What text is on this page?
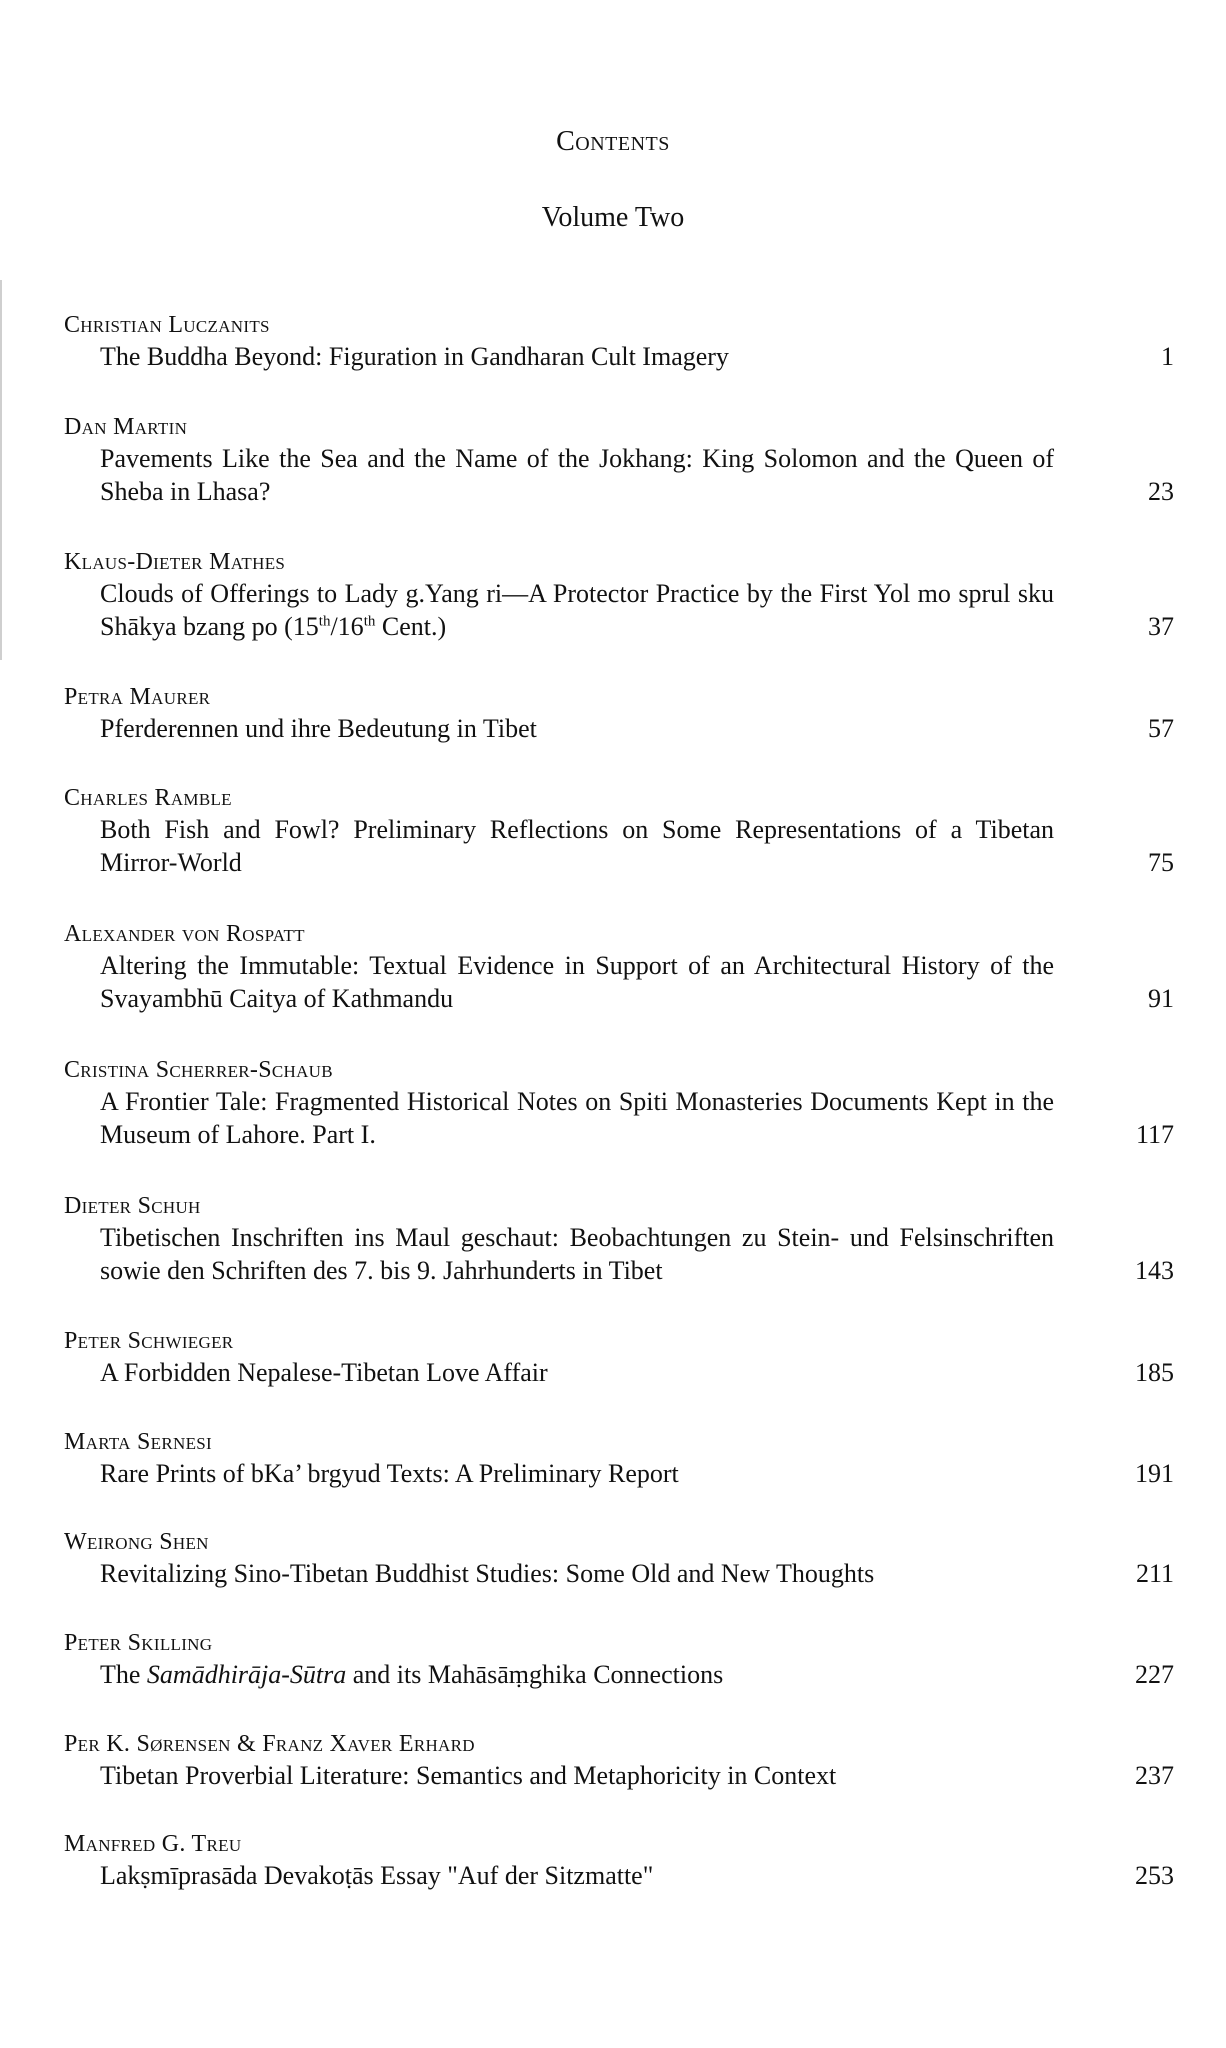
Contents
Volume Two
Christian Luczanits
The Buddha Beyond: Figuration in Gandharan Cult Imagery	1
Dan Martin
Pavements Like the Sea and the Name of the Jokhang: King Solomon and the Queen of Sheba in Lhasa?	23
Klaus-Dieter Mathes
Clouds of Offerings to Lady g.Yang ri—A Protector Practice by the First Yol mo sprul sku Shākya bzang po (15th/16th Cent.)	37
Petra Maurer
Pferderennen und ihre Bedeutung in Tibet	57
Charles Ramble
Both Fish and Fowl? Preliminary Reflections on Some Representations of a Tibetan Mirror-World	75
Alexander von Rospatt
Altering the Immutable: Textual Evidence in Support of an Architectural History of the Svayambhū Caitya of Kathmandu	91
Cristina Scherrer-Schaub
A Frontier Tale: Fragmented Historical Notes on Spiti Monasteries Documents Kept in the Museum of Lahore. Part I.	117
Dieter Schuh
Tibetischen Inschriften ins Maul geschaut: Beobachtungen zu Stein- und Felsinschriften sowie den Schriften des 7. bis 9. Jahrhunderts in Tibet	143
Peter Schwieger
A Forbidden Nepalese-Tibetan Love Affair	185
Marta Sernesi
Rare Prints of bKa’ brgyud Texts: A Preliminary Report	191
Weirong Shen
Revitalizing Sino-Tibetan Buddhist Studies: Some Old and New Thoughts	211
Peter Skilling
The Samādhirāja-Sūtra and its Mahāsāṃghika Connections	227
Per K. Sørensen & Franz Xaver Erhard
Tibetan Proverbial Literature: Semantics and Metaphoricity in Context	237
Manfred G. Treu
Lakṣmīprasāda Devakoṭās Essay "Auf der Sitzmatte"	253
